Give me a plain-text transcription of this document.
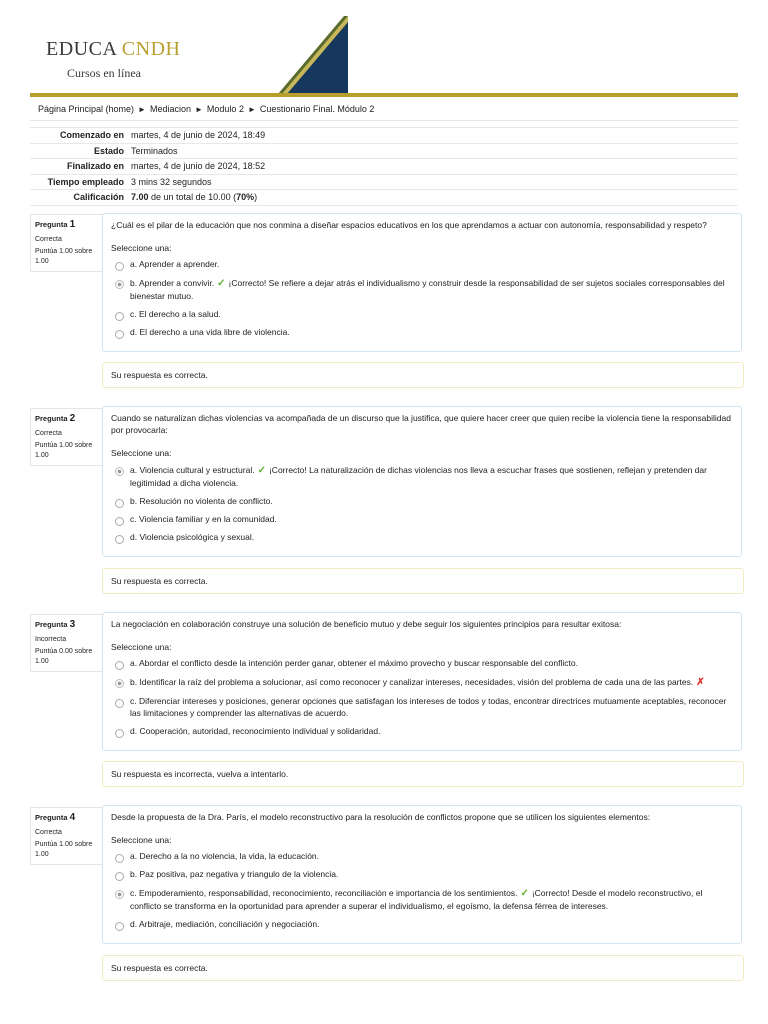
EDUCA CNDH
Cursos en línea
Página Principal (home) ► Mediacion ► Modulo 2 ► Cuestionario Final. Módulo 2
Comenzado en martes, 4 de junio de 2024, 18:49
Estado Terminados
Finalizado en martes, 4 de junio de 2024, 18:52
Tiempo empleado 3 mins 32 segundos
Calificación 7.00 de un total de 10.00 (70%)
Pregunta 1
Correcta
Puntúa 1.00 sobre 1.00
¿Cuál es el pilar de la educación que nos conmina a diseñar espacios educativos en los que aprendamos a actuar con autonomía, responsabilidad y respeto?
Seleccione una:
a. Aprender a aprender.
b. Aprender a convivir. ✓ ¡Correcto! Se refiere a dejar atrás el individualismo y construir desde la responsabilidad de ser sujetos sociales corresponsables del bienestar mutuo.
c. El derecho a la salud.
d. El derecho a una vida libre de violencia.
Su respuesta es correcta.
Pregunta 2
Correcta
Puntúa 1.00 sobre 1.00
Cuando se naturalizan dichas violencias va acompañada de un discurso que la justifica, que quiere hacer creer que quien recibe la violencia tiene la responsabilidad por provocarla:
Seleccione una:
a. Violencia cultural y estructural. ✓ ¡Correcto! La naturalización de dichas violencias nos lleva a escuchar frases que sostienen, reflejan y pretenden dar legitimidad a dicha violencia.
b. Resolución no violenta de conflicto.
c. Violencia familiar y en la comunidad.
d. Violencia psicológica y sexual.
Su respuesta es correcta.
Pregunta 3
Incorrecta
Puntúa 0.00 sobre 1.00
La negociación en colaboración construye una solución de beneficio mutuo y debe seguir los siguientes principios para resultar exitosa:
Seleccione una:
a. Abordar el conflicto desde la intención perder ganar, obtener el máximo provecho y buscar responsable del conflicto.
b. Identificar la raíz del problema a solucionar, así como reconocer y canalizar intereses, necesidades, visión del problema de cada una de las partes. ✗
c. Diferenciar intereses y posiciones, generar opciones que satisfagan los intereses de todos y todas, encontrar directrices mutuamente aceptables, reconocer las limitaciones y comprender las alternativas de acuerdo.
d. Cooperación, autoridad, reconocimiento individual y solidaridad.
Su respuesta es incorrecta, vuelva a intentarlo.
Pregunta 4
Correcta
Puntúa 1.00 sobre 1.00
Desde la propuesta de la Dra. París, el modelo reconstructivo para la resolución de conflictos propone que se utilicen los siguientes elementos:
Seleccione una:
a. Derecho a la no violencia, la vida, la educación.
b. Paz positiva, paz negativa y triangulo de la violencia.
c. Empoderamiento, responsabilidad, reconocimiento, reconciliación e importancia de los sentimientos. ✓ ¡Correcto! Desde el modelo reconstructivo, el conflicto se transforma en la oportunidad para aprender a superar el individualismo, el egoísmo, la defensa férrea de intereses.
d. Arbitraje, mediación, conciliación y negociación.
Su respuesta es correcta.
